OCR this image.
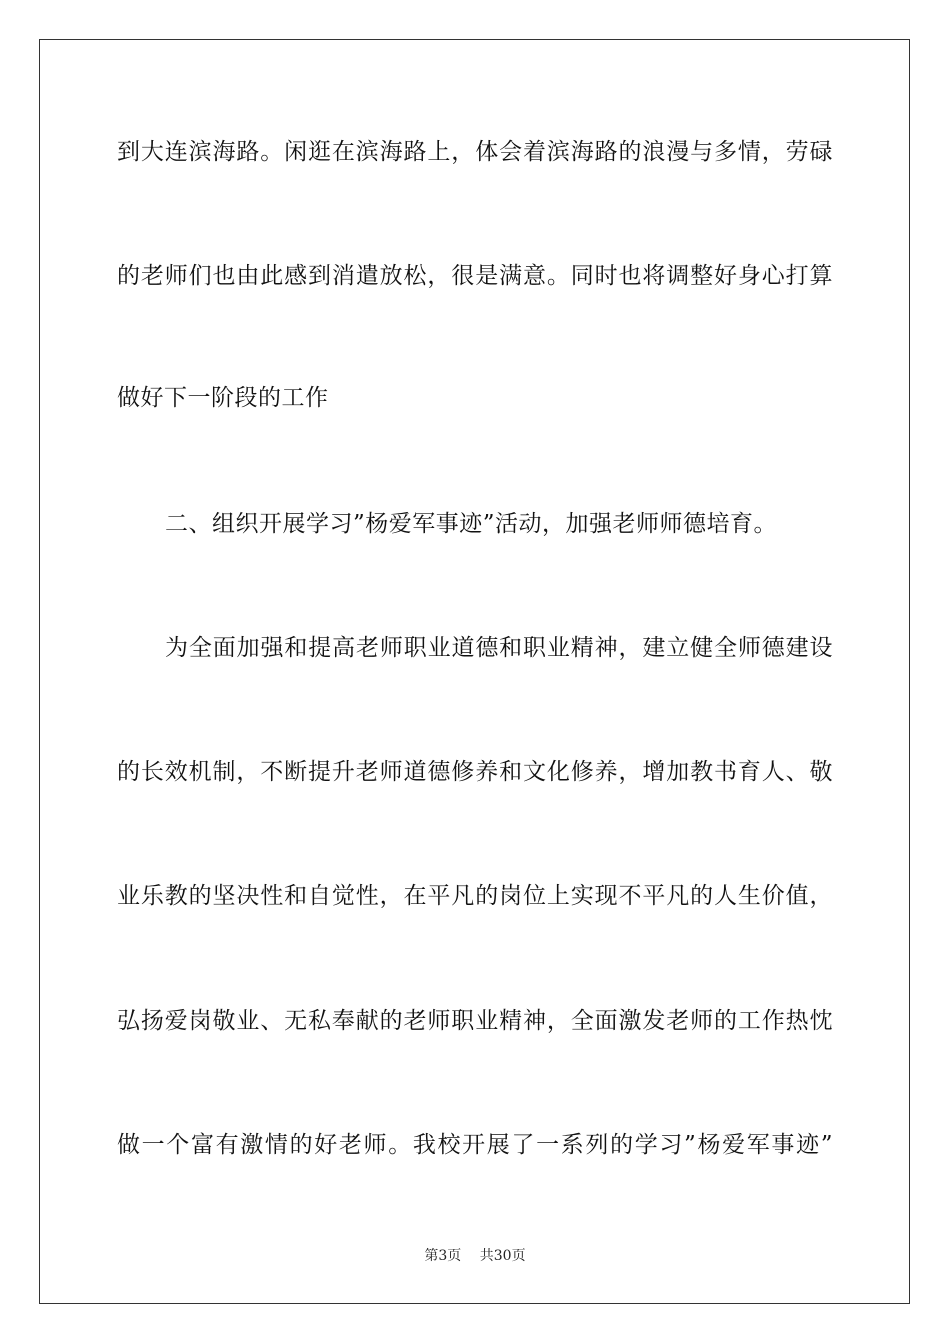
到大连滨海路。闲逛在滨海路上，体会着滨海路的浪漫与多情，劳碌
的老师们也由此感到消遣放松，很是满意。同时也将调整好身心打算
做好下一阶段的工作
二、组织开展学习”杨爱军事迹”活动，加强老师师德培育。
为全面加强和提高老师职业道德和职业精神，建立健全师德建设
的长效机制，不断提升老师道德修养和文化修养，增加教书育人、敬
业乐教的坚决性和自觉性，在平凡的岗位上实现不平凡的人生价值，
弘扬爱岗敬业、无私奉献的老师职业精神，全面激发老师的工作热忱
做一个富有激情的好老师。我校开展了一系列的学习”杨爱军事迹”
第3页 共30页
